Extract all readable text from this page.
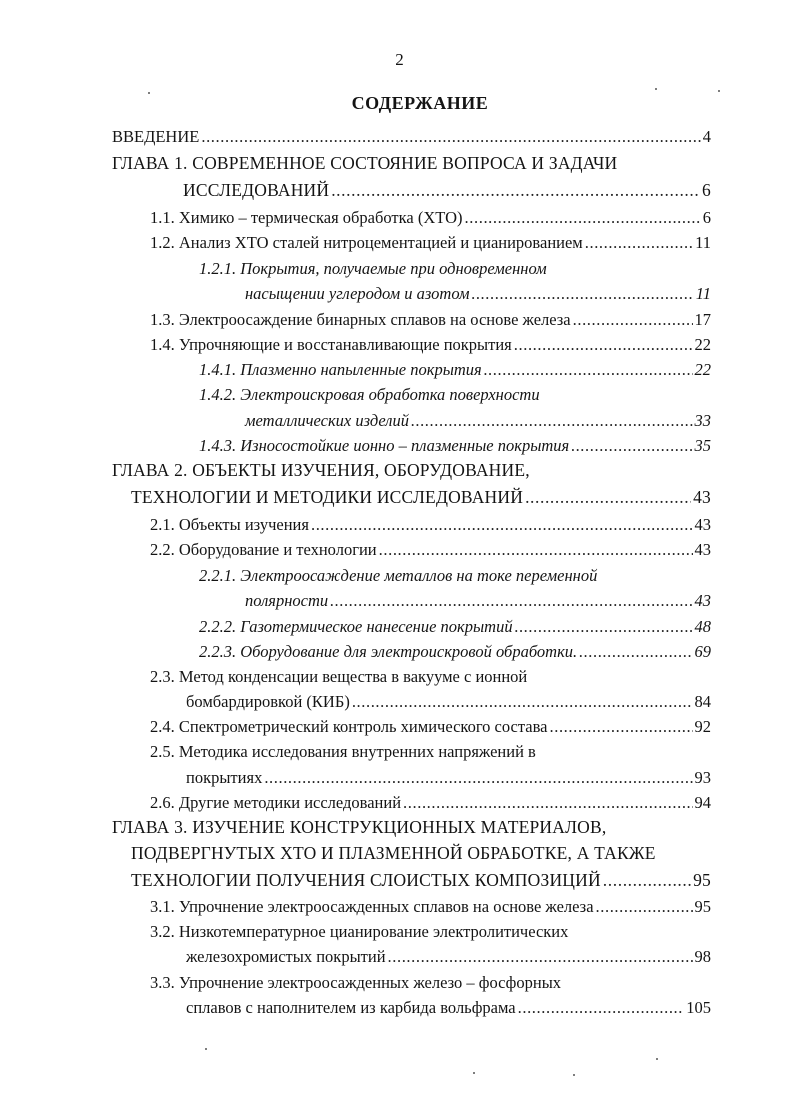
2
СОДЕРЖАНИЕ
ВВЕДЕНИЕ .....	4
ГЛАВА 1. СОВРЕМЕННОЕ СОСТОЯНИЕ ВОПРОСА И ЗАДАЧИ
ИССЛЕДОВАНИЙ .....	6
1.1. Химико – термическая обработка (ХТО) .....	6
1.2. Анализ ХТО сталей нитроцементацией и цианированием .....	11
1.2.1. Покрытия, получаемые при одновременном
насыщении углеродом и азотом .....	11
1.3. Электроосаждение бинарных сплавов на основе железа .....	17
1.4. Упрочняющие и восстанавливающие покрытия .....	22
1.4.1. Плазменно напыленные покрытия .....	22
1.4.2. Электроискровая обработка поверхности
металлических изделий .....	33
1.4.3. Износостойкие ионно – плазменные покрытия .....	35
ГЛАВА 2. ОБЪЕКТЫ ИЗУЧЕНИЯ, ОБОРУДОВАНИЕ,
ТЕХНОЛОГИИ И МЕТОДИКИ ИССЛЕДОВАНИЙ .....	43
2.1. Объекты изучения .....	43
2.2. Оборудование и технологии .....	43
2.2.1. Электроосаждение металлов на токе переменной
полярности .....	43
2.2.2. Газотермическое нанесение покрытий .....	48
2.2.3. Оборудование для электроискровой обработки. .....	69
2.3. Метод конденсации вещества в вакууме с ионной
бомбардировкой (КИБ) .....	84
2.4. Спектрометрический контроль химического состава .....	92
2.5. Методика исследования внутренних напряжений в
покрытиях .....	93
2.6. Другие методики исследований .....	94
ГЛАВА 3. ИЗУЧЕНИЕ КОНСТРУКЦИОННЫХ МАТЕРИАЛОВ,
ПОДВЕРГНУТЫХ ХТО И ПЛАЗМЕННОЙ ОБРАБОТКЕ, А ТАКЖЕ
ТЕХНОЛОГИИ ПОЛУЧЕНИЯ СЛОИСТЫХ КОМПОЗИЦИЙ .....	95
3.1. Упрочнение электроосажденных сплавов на основе железа .....	95
3.2. Низкотемпературное цианирование электролитических
железохромистых покрытий .....	98
3.3. Упрочнение электроосажденных железо – фосфорных
сплавов с наполнителем из карбида вольфрама .....	105
